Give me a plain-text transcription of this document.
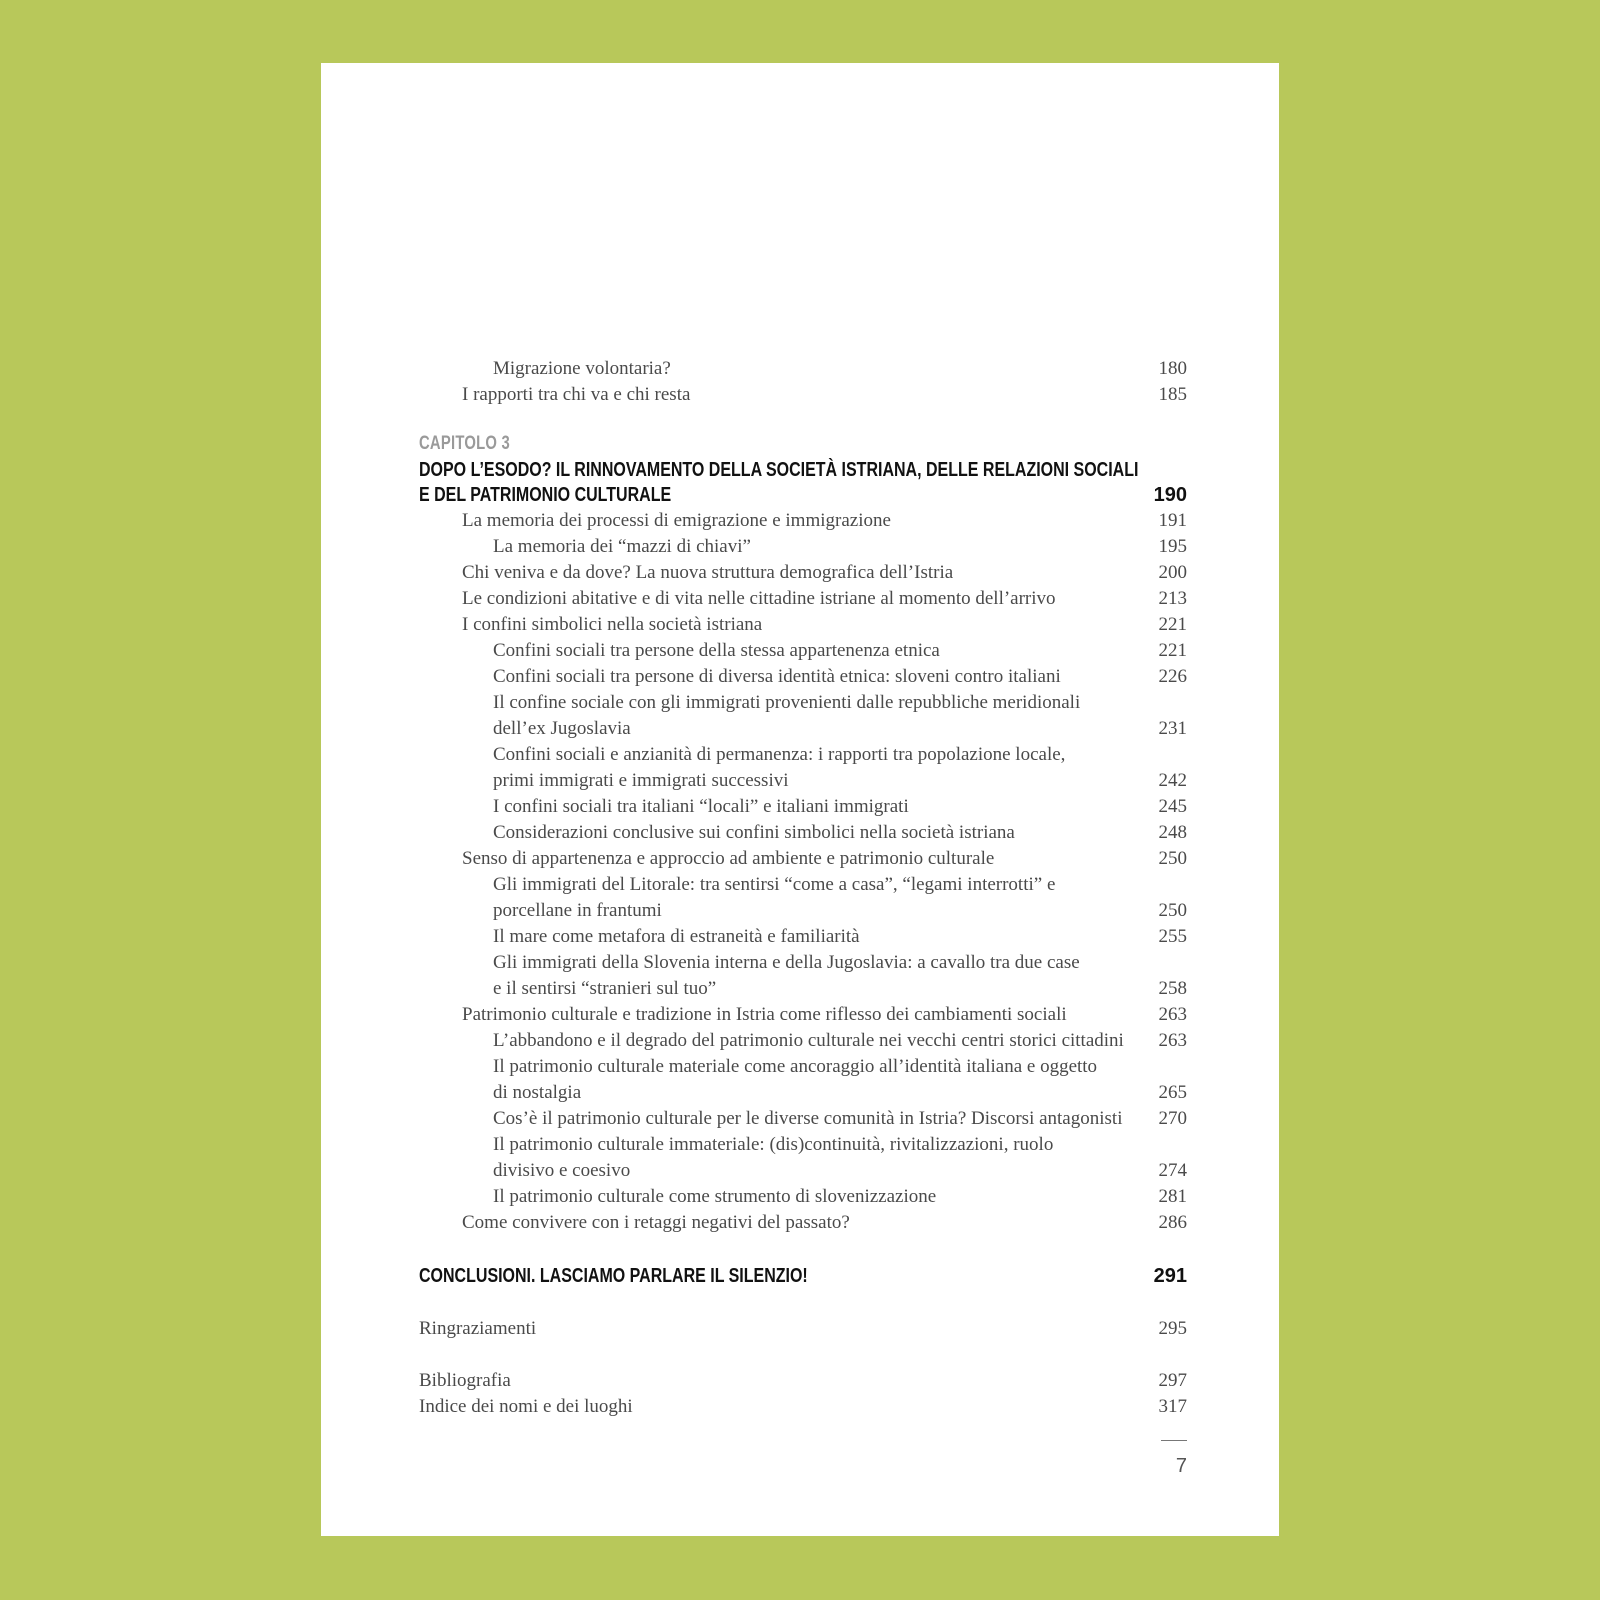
Migrazione volontaria?	180
I rapporti tra chi va e chi resta	185
CAPITOLO 3
DOPO L’ESODO? IL RINNOVAMENTO DELLA SOCIETÀ ISTRIANA, DELLE RELAZIONI SOCIALI
E DEL PATRIMONIO CULTURALE	190
La memoria dei processi di emigrazione e immigrazione	191
La memoria dei “mazzi di chiavi”	195
Chi veniva e da dove? La nuova struttura demografica dell’Istria	200
Le condizioni abitative e di vita nelle cittadine istriane al momento dell’arrivo	213
I confini simbolici nella società istriana	221
Confini sociali tra persone della stessa appartenenza etnica	221
Confini sociali tra persone di diversa identità etnica: sloveni contro italiani	226
Il confine sociale con gli immigrati provenienti dalle repubbliche meridionali
dell’ex Jugoslavia	231
Confini sociali e anzianità di permanenza: i rapporti tra popolazione locale,
primi immigrati e immigrati successivi	242
I confini sociali tra italiani “locali” e italiani immigrati	245
Considerazioni conclusive sui confini simbolici nella società istriana	248
Senso di appartenenza e approccio ad ambiente e patrimonio culturale	250
Gli immigrati del Litorale: tra sentirsi “come a casa”, “legami interrotti” e
porcellane in frantumi	250
Il mare come metafora di estraneità e familiarità	255
Gli immigrati della Slovenia interna e della Jugoslavia: a cavallo tra due case
e il sentirsi “stranieri sul tuo”	258
Patrimonio culturale e tradizione in Istria come riflesso dei cambiamenti sociali	263
L’abbandono e il degrado del patrimonio culturale nei vecchi centri storici cittadini 263
Il patrimonio culturale materiale come ancoraggio all’identità italiana e oggetto
di nostalgia	265
Cos’è il patrimonio culturale per le diverse comunità in Istria? Discorsi antagonisti 270
Il patrimonio culturale immateriale: (dis)continuità, rivitalizzazioni, ruolo
divisivo e coesivo	274
Il patrimonio culturale come strumento di slovenizzazione	281
Come convivere con i retaggi negativi del passato?	286
CONCLUSIONI. LASCIAMO PARLARE IL SILENZIO!	291
Ringraziamenti	295
Bibliografia	297
Indice dei nomi e dei luoghi	317
7
